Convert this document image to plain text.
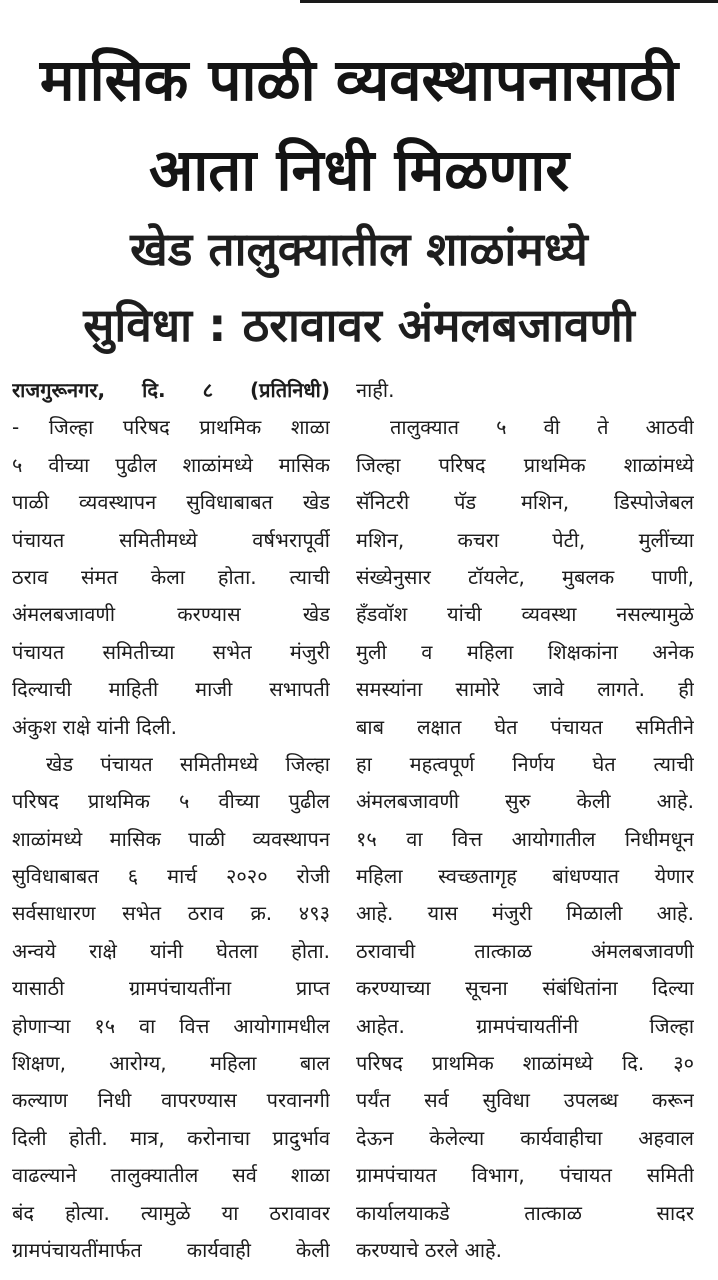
मासिक पाळी व्यवस्थापनासाठी
आता निधी मिळणार
खेड तालुक्यातील शाळांमध्ये
सुविधा : ठरावावर अंमलबजावणी
राजगुरूनगर, दि. ८ (प्रतिनिधी)
- जिल्हा परिषद प्राथमिक शाळा
५ वीच्या पुढील शाळांमध्ये मासिक
पाळी व्यवस्थापन सुविधाबाबत खेड
पंचायत समितीमध्ये वर्षभरापूर्वी
ठराव संमत केला होता. त्याची
अंमलबजावणी करण्यास खेड
पंचायत समितीच्या सभेत मंजुरी
दिल्याची माहिती माजी सभापती
अंकुश राक्षे यांनी दिली.
खेड पंचायत समितीमध्ये जिल्हा
परिषद प्राथमिक ५ वीच्या पुढील
शाळांमध्ये मासिक पाळी व्यवस्थापन
सुविधाबाबत ६ मार्च २०२० रोजी
सर्वसाधारण सभेत ठराव क्र. ४९३
अन्वये राक्षे यांनी घेतला होता.
यासाठी ग्रामपंचायतींना प्राप्त
होणाऱ्या १५ वा वित्त आयोगामधील
शिक्षण, आरोग्य, महिला बाल
कल्याण निधी वापरण्यास परवानगी
दिली होती. मात्र, करोनाचा प्रादुर्भाव
वाढल्याने तालुक्यातील सर्व शाळा
बंद होत्या. त्यामुळे या ठरावावर
ग्रामपंचायतींमार्फत कार्यवाही केली
नाही.
तालुक्यात ५ वी ते आठवी
जिल्हा परिषद प्राथमिक शाळांमध्ये
सॅनिटरी पॅड मशिन, डिस्पोजेबल
मशिन, कचरा पेटी, मुलींच्या
संख्येनुसार टॉयलेट, मुबलक पाणी,
हँडवॉश यांची व्यवस्था नसल्यामुळे
मुली व महिला शिक्षकांना अनेक
समस्यांना सामोरे जावे लागते. ही
बाब लक्षात घेत पंचायत समितीने
हा महत्वपूर्ण निर्णय घेत त्याची
अंमलबजावणी सुरु केली आहे.
१५ वा वित्त आयोगातील निधीमधून
महिला स्वच्छतागृह बांधण्यात येणार
आहे. यास मंजुरी मिळाली आहे.
ठरावाची तात्काळ अंमलबजावणी
करण्याच्या सूचना संबंधितांना दिल्या
आहेत. ग्रामपंचायतींनी जिल्हा
परिषद प्राथमिक शाळांमध्ये दि. ३०
पर्यंत सर्व सुविधा उपलब्ध करून
देऊन केलेल्या कार्यवाहीचा अहवाल
ग्रामपंचायत विभाग, पंचायत समिती
कार्यालयाकडे तात्काळ सादर
करण्याचे ठरले आहे.
